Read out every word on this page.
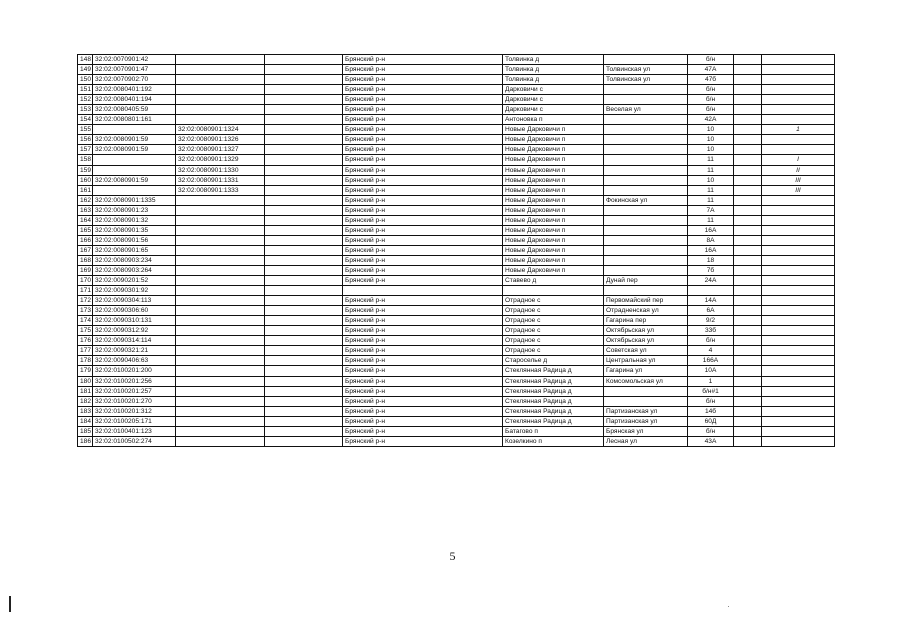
148	32:02:0070901:42			Брянский р-н	Толвинка д		б/н		
149	32:02:0070901:47			Брянский р-н	Толвинка д	Толвинская ул	47А		
150	32:02:0070902:70			Брянский р-н	Толвинка д	Толвинская ул	47б		
151	32:02:0080401:192			Брянский р-н	Дарковичи с		б/н		
152	32:02:0080401:194			Брянский р-н	Дарковичи с		б/н		
153	32:02:0080405:59			Брянский р-н	Дарковичи с	Веселая ул	б/н		
154	32:02:0080801:161			Брянский р-н	Антоновка п		42А		
155		32:02:0080901:1324		Брянский р-н	Новые Дарковичи п		10		1
156	32:02:0080901:59	32:02:0080901:1326		Брянский р-н	Новые Дарковичи п		10		
157	32:02:0080901:59	32:02:0080901:1327		Брянский р-н	Новые Дарковичи п		10		
158		32:02:0080901:1329		Брянский р-н	Новые Дарковичи п		11		I
159		32:02:0080901:1330		Брянский р-н	Новые Дарковичи п		11		II
160	32:02:0080901:59	32:02:0080901:1331		Брянский р-н	Новые Дарковичи п		10		III
161		32:02:0080901:1333		Брянский р-н	Новые Дарковичи п		11		III
162	32:02:0080901:1335			Брянский р-н	Новые Дарковичи п	Фокинская ул	11		
163	32:02:0080901:23			Брянский р-н	Новые Дарковичи п		7А		
164	32:02:0080901:32			Брянский р-н	Новые Дарковичи п		11		
165	32:02:0080901:35			Брянский р-н	Новые Дарковичи п		16А		
166	32:02:0080901:56			Брянский р-н	Новые Дарковичи п		8А		
167	32:02:0080901:65			Брянский р-н	Новые Дарковичи п		16А		
168	32:02:0080903:234			Брянский р-н	Новые Дарковичи п		18		
169	32:02:0080903:264			Брянский р-н	Новые Дарковичи п		7б		
170	32:02:0090201:52			Брянский р-н	Ставево д	Дунай пер	24А		
171	32:02:0090301:92								
172	32:02:0090304:113			Брянский р-н	Отрадное с	Первомайский пер	14А		
173	32:02:0090306:60			Брянский р-н	Отрадное с	Отрадненская ул	6А		
174	32:02:0090310:131			Брянский р-н	Отрадное с	Гагарина пер	9/2		
175	32:02:0090312:92			Брянский р-н	Отрадное с	Октябрьская ул	33б		
176	32:02:0090314:114			Брянский р-н	Отрадное с	Октябрьская ул	б/н		
177	32:02:0090321:21			Брянский р-н	Отрадное с	Советская ул	4		
178	32:02:0090406:63			Брянский р-н	Староселье д	Центральная ул	166А		
179	32:02:0100201:200			Брянский р-н	Стеклянная Радица д	Гагарина ул	10А		
180	32:02:0100201:256			Брянский р-н	Стеклянная Радица д	Комсомольская ул	1		
181	32:02:0100201:257			Брянский р-н	Стеклянная Радица д		б/н#1		
182	32:02:0100201:270			Брянский р-н	Стеклянная Радица д		б/н		
183	32:02:0100201:312			Брянский р-н	Стеклянная Радица д	Партизанская ул	14б		
184	32:02:0100205:171			Брянский р-н	Стеклянная Радица д	Партизанская ул	60Д		
185	32:02:0100401:123			Брянский р-н	Батагово п	Брянская ул	б/н		
186	32:02:0100502:274			Брянский р-н	Козелкино п	Лесная ул	43А		
5
